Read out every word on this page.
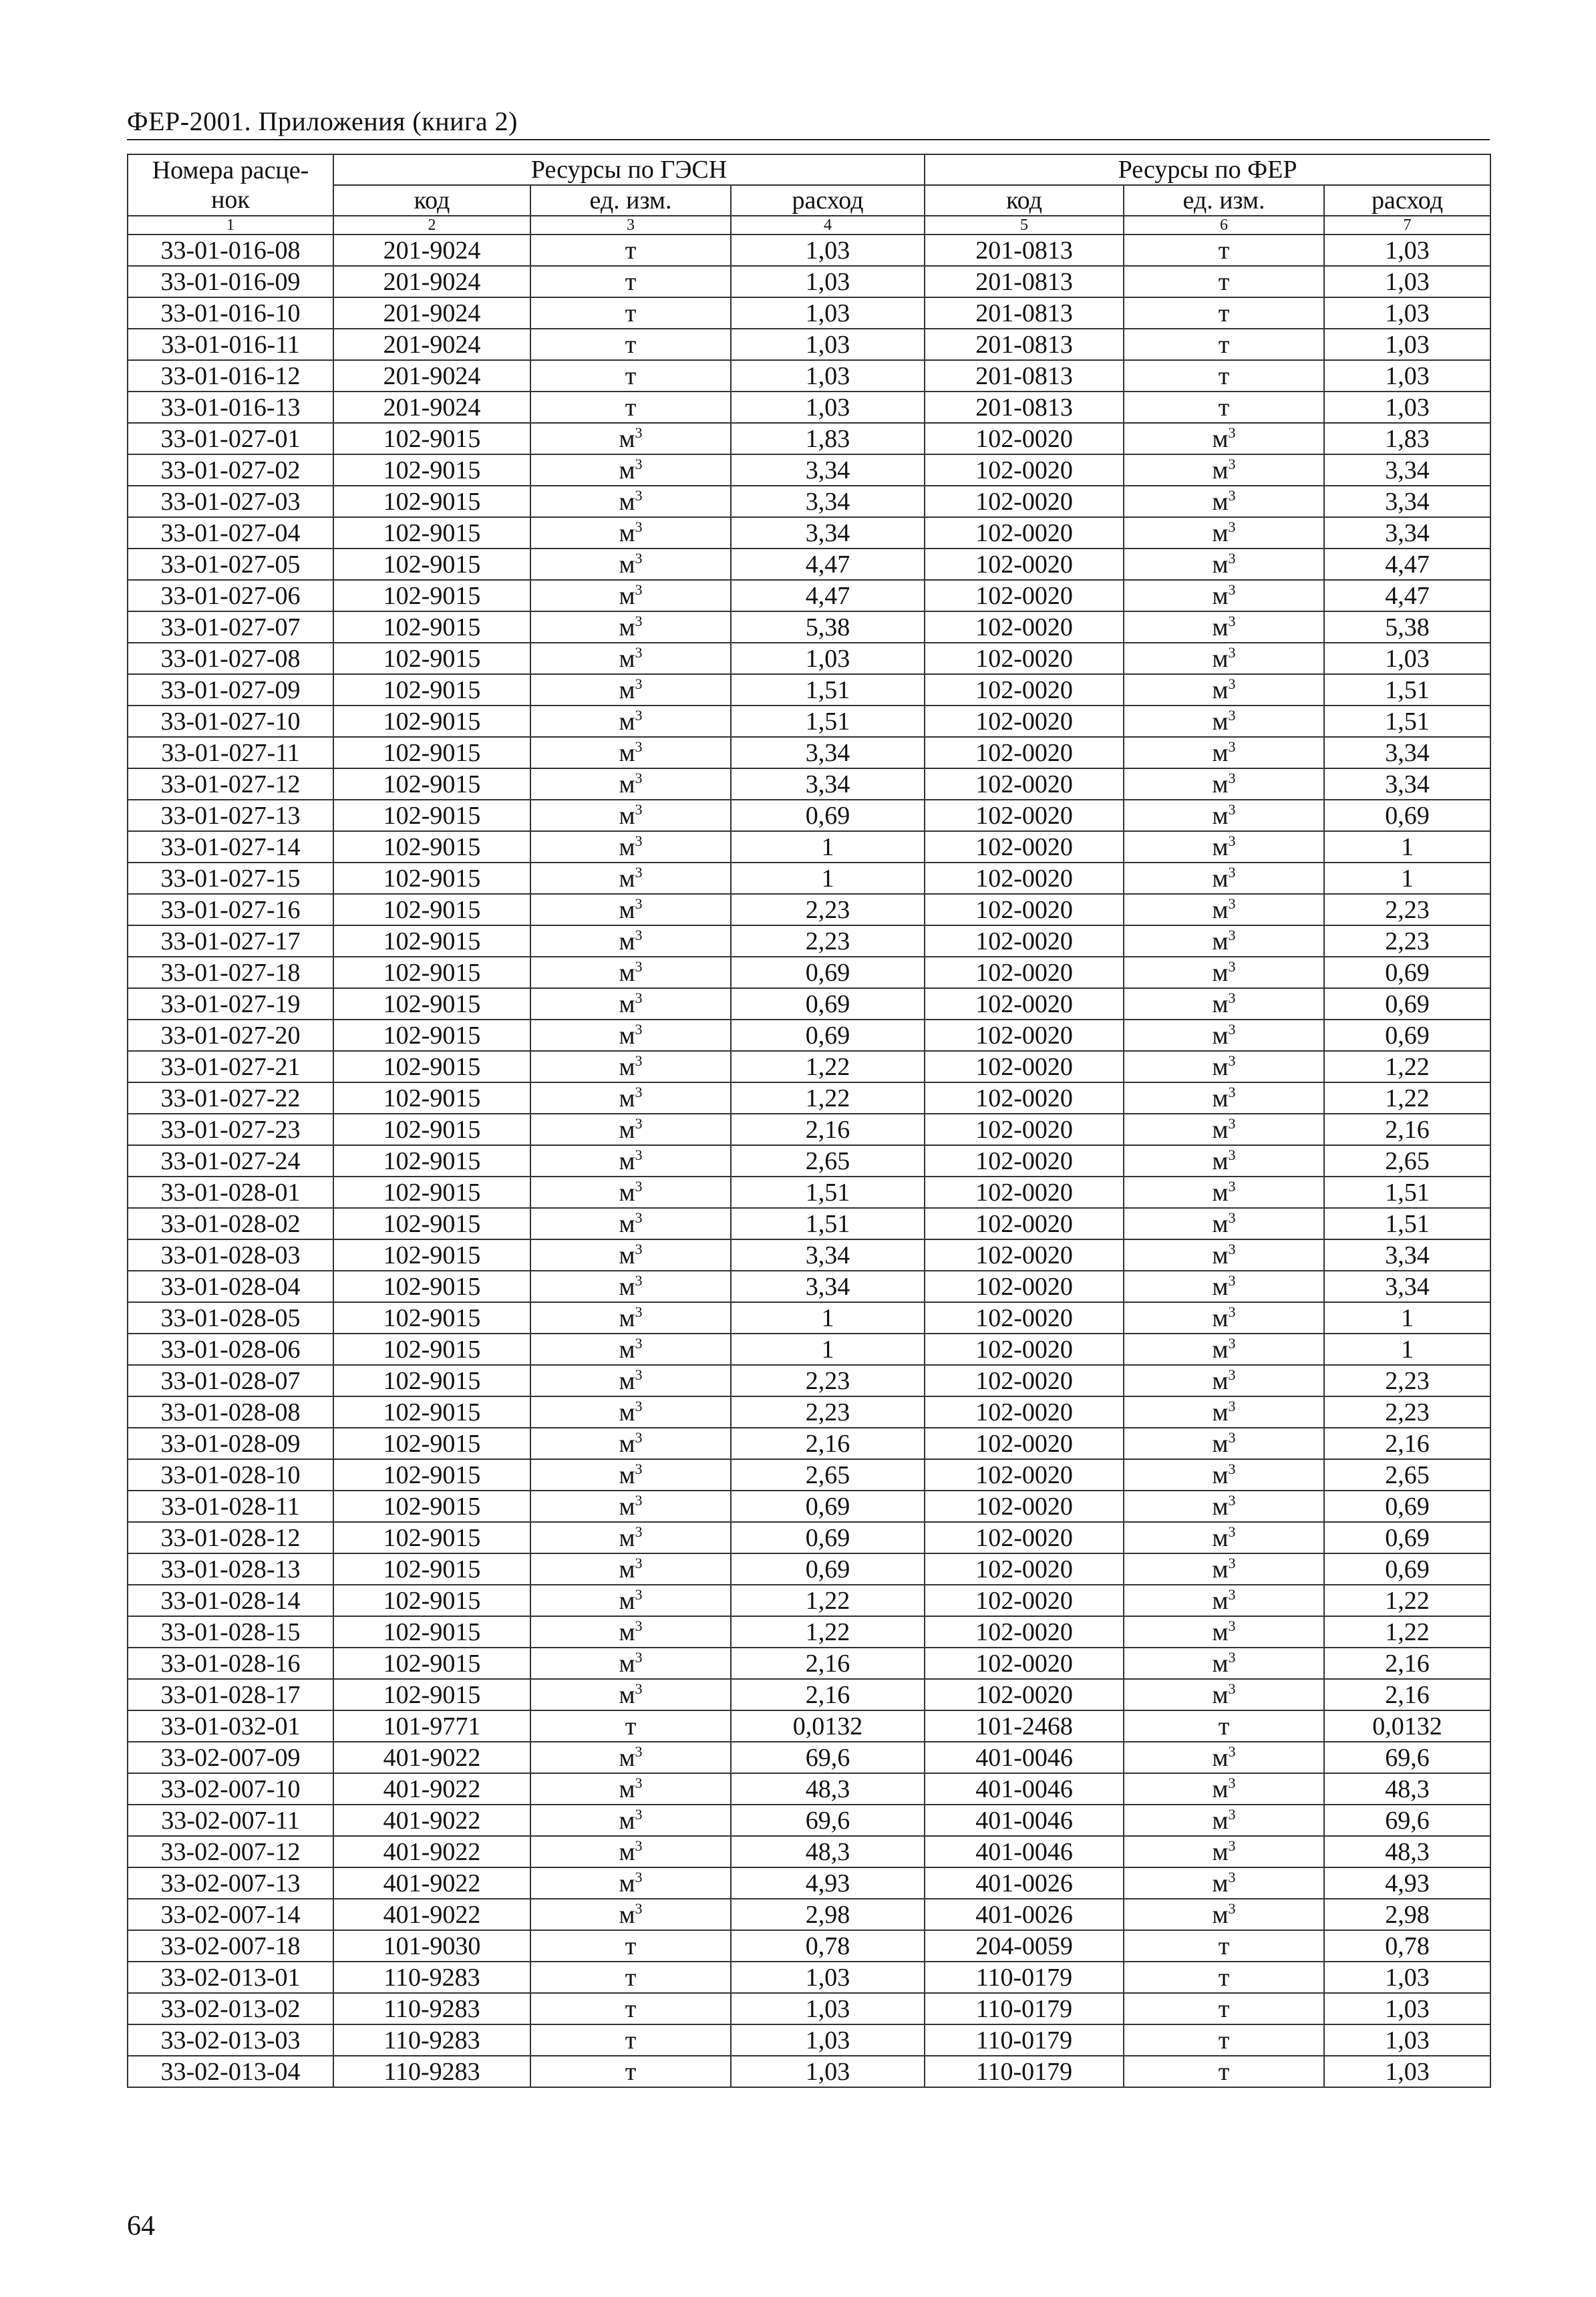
ФЕР-2001. Приложения (книга 2)
Номера расце-нок	Ресурсы по ГЭСН			Ресурсы по ФЕР		
	код	ед. изм.	расход	код	ед. изм.	расход
1	2	3	4	5	6	7
33-01-016-08	201-9024	т	1,03	201-0813	т	1,03
33-01-016-09	201-9024	т	1,03	201-0813	т	1,03
33-01-016-10	201-9024	т	1,03	201-0813	т	1,03
33-01-016-11	201-9024	т	1,03	201-0813	т	1,03
33-01-016-12	201-9024	т	1,03	201-0813	т	1,03
33-01-016-13	201-9024	т	1,03	201-0813	т	1,03
33-01-027-01	102-9015	$м^3$	1,83	102-0020	$м^3$	1,83
33-01-027-02	102-9015	$м^3$	3,34	102-0020	$м^3$	3,34
33-01-027-03	102-9015	$м^3$	3,34	102-0020	$м^3$	3,34
33-01-027-04	102-9015	$м^3$	3,34	102-0020	$м^3$	3,34
33-01-027-05	102-9015	$м^3$	4,47	102-0020	$м^3$	4,47
33-01-027-06	102-9015	$м^3$	4,47	102-0020	$м^3$	4,47
33-01-027-07	102-9015	$м^3$	5,38	102-0020	$м^3$	5,38
33-01-027-08	102-9015	$м^3$	1,03	102-0020	$м^3$	1,03
33-01-027-09	102-9015	$м^3$	1,51	102-0020	$м^3$	1,51
33-01-027-10	102-9015	$м^3$	1,51	102-0020	$м^3$	1,51
33-01-027-11	102-9015	$м^3$	3,34	102-0020	$м^3$	3,34
33-01-027-12	102-9015	$м^3$	3,34	102-0020	$м^3$	3,34
33-01-027-13	102-9015	$м^3$	0,69	102-0020	$м^3$	0,69
33-01-027-14	102-9015	$м^3$	1	102-0020	$м^3$	1
33-01-027-15	102-9015	$м^3$	1	102-0020	$м^3$	1
33-01-027-16	102-9015	$м^3$	2,23	102-0020	$м^3$	2,23
33-01-027-17	102-9015	$м^3$	2,23	102-0020	$м^3$	2,23
33-01-027-18	102-9015	$м^3$	0,69	102-0020	$м^3$	0,69
33-01-027-19	102-9015	$м^3$	0,69	102-0020	$м^3$	0,69
33-01-027-20	102-9015	$м^3$	0,69	102-0020	$м^3$	0,69
33-01-027-21	102-9015	$м^3$	1,22	102-0020	$м^3$	1,22
33-01-027-22	102-9015	$м^3$	1,22	102-0020	$м^3$	1,22
33-01-027-23	102-9015	$м^3$	2,16	102-0020	$м^3$	2,16
33-01-027-24	102-9015	$м^3$	2,65	102-0020	$м^3$	2,65
33-01-028-01	102-9015	$м^3$	1,51	102-0020	$м^3$	1,51
33-01-028-02	102-9015	$м^3$	1,51	102-0020	$м^3$	1,51
33-01-028-03	102-9015	$м^3$	3,34	102-0020	$м^3$	3,34
33-01-028-04	102-9015	$м^3$	3,34	102-0020	$м^3$	3,34
33-01-028-05	102-9015	$м^3$	1	102-0020	$м^3$	1
33-01-028-06	102-9015	$м^3$	1	102-0020	$м^3$	1
33-01-028-07	102-9015	$м^3$	2,23	102-0020	$м^3$	2,23
33-01-028-08	102-9015	$м^3$	2,23	102-0020	$м^3$	2,23
33-01-028-09	102-9015	$м^3$	2,16	102-0020	$м^3$	2,16
33-01-028-10	102-9015	$м^3$	2,65	102-0020	$м^3$	2,65
33-01-028-11	102-9015	$м^3$	0,69	102-0020	$м^3$	0,69
33-01-028-12	102-9015	$м^3$	0,69	102-0020	$м^3$	0,69
33-01-028-13	102-9015	$м^3$	0,69	102-0020	$м^3$	0,69
33-01-028-14	102-9015	$м^3$	1,22	102-0020	$м^3$	1,22
33-01-028-15	102-9015	$м^3$	1,22	102-0020	$м^3$	1,22
33-01-028-16	102-9015	$м^3$	2,16	102-0020	$м^3$	2,16
33-01-028-17	102-9015	$м^3$	2,16	102-0020	$м^3$	2,16
33-01-032-01	101-9771	т	0,0132	101-2468	т	0,0132
33-02-007-09	401-9022	$м^3$	69,6	401-0046	$м^3$	69,6
33-02-007-10	401-9022	$м^3$	48,3	401-0046	$м^3$	48,3
33-02-007-11	401-9022	$м^3$	69,6	401-0046	$м^3$	69,6
33-02-007-12	401-9022	$м^3$	48,3	401-0046	$м^3$	48,3
33-02-007-13	401-9022	$м^3$	4,93	401-0026	$м^3$	4,93
33-02-007-14	401-9022	$м^3$	2,98	401-0026	$м^3$	2,98
33-02-007-18	101-9030	т	0,78	204-0059	т	0,78
33-02-013-01	110-9283	т	1,03	110-0179	т	1,03
33-02-013-02	110-9283	т	1,03	110-0179	т	1,03
33-02-013-03	110-9283	т	1,03	110-0179	т	1,03
33-02-013-04	110-9283	т	1,03	110-0179	т	1,03
64
